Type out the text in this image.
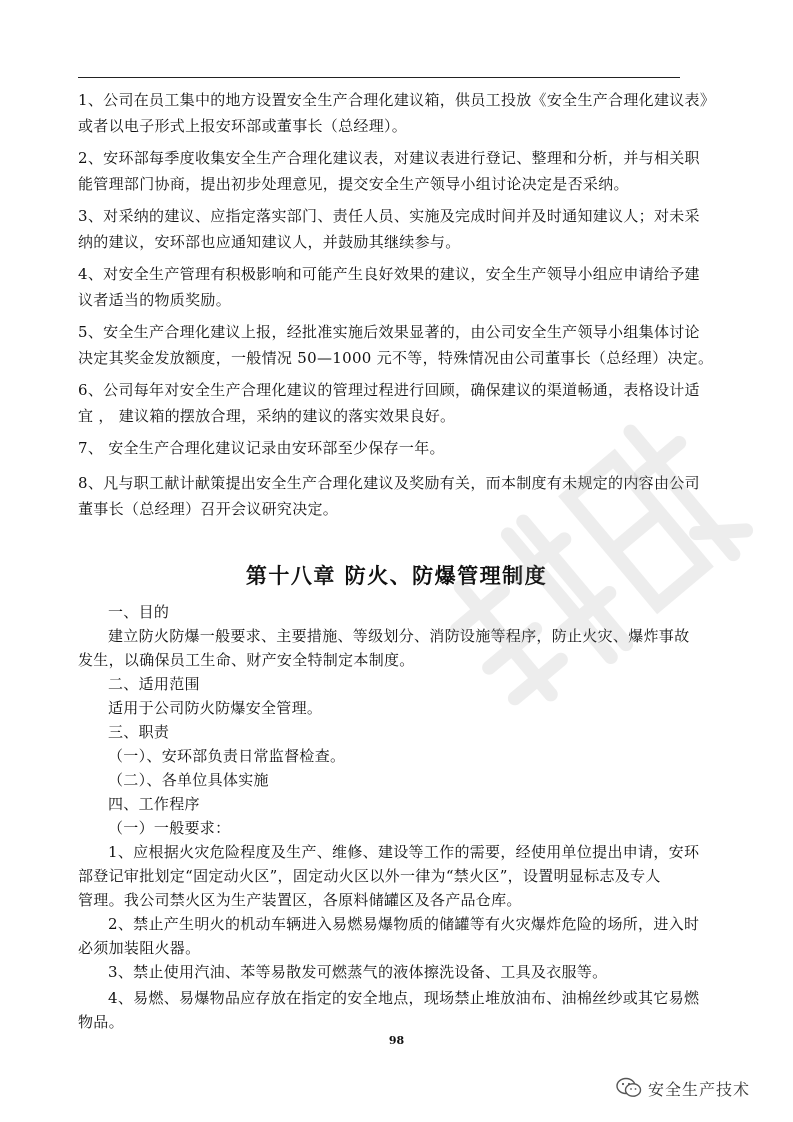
1、公司在员工集中的地方设置安全生产合理化建议箱，供员工投放《安全生产合理化建议表》
或者以电子形式上报安环部或董事长（总经理）。
2、安环部每季度收集安全生产合理化建议表，对建议表进行登记、整理和分析，并与相关职
能管理部门协商，提出初步处理意见，提交安全生产领导小组讨论决定是否采纳。
3、对采纳的建议、应指定落实部门、责任人员、实施及完成时间并及时通知建议人；对未采
纳的建议，安环部也应通知建议人，并鼓励其继续参与。
4、对安全生产管理有积极影响和可能产生良好效果的建议，安全生产领导小组应申请给予建
议者适当的物质奖励。
5、安全生产合理化建议上报，经批准实施后效果显著的，由公司安全生产领导小组集体讨论
决定其奖金发放额度，一般情况 50—1000 元不等，特殊情况由公司董事长（总经理）决定。
6、公司每年对安全生产合理化建议的管理过程进行回顾，确保建议的渠道畅通，表格设计适
宜 ， 建议箱的摆放合理，采纳的建议的落实效果良好。
7、 安全生产合理化建议记录由安环部至少保存一年。
8、凡与职工献计献策提出安全生产合理化建议及奖励有关，而本制度有未规定的内容由公司
董事长（总经理）召开会议研究决定。
第十八章 防火、防爆管理制度
一、目的
建立防火防爆一般要求、主要措施、等级划分、消防设施等程序，防止火灾、爆炸事故
发生，以确保员工生命、财产安全特制定本制度。
二、适用范围
适用于公司防火防爆安全管理。
三、职责
（一）、安环部负责日常监督检查。
（二）、各单位具体实施
四、工作程序
（一）一般要求：
1、应根据火灾危险程度及生产、维修、建设等工作的需要，经使用单位提出申请，安环
部登记审批划定“固定动火区”，固定动火区以外一律为“禁火区”，设置明显标志及专人
管理。我公司禁火区为生产装置区，各原料储罐区及各产品仓库。
2、禁止产生明火的机动车辆进入易燃易爆物质的储罐等有火灾爆炸危险的场所，进入时
必须加装阻火器。
3、禁止使用汽油、苯等易散发可燃蒸气的液体擦洗设备、工具及衣服等。
4、易燃、易爆物品应存放在指定的安全地点，现场禁止堆放油布、油棉丝纱或其它易燃
物品。
98
安全生产技术
